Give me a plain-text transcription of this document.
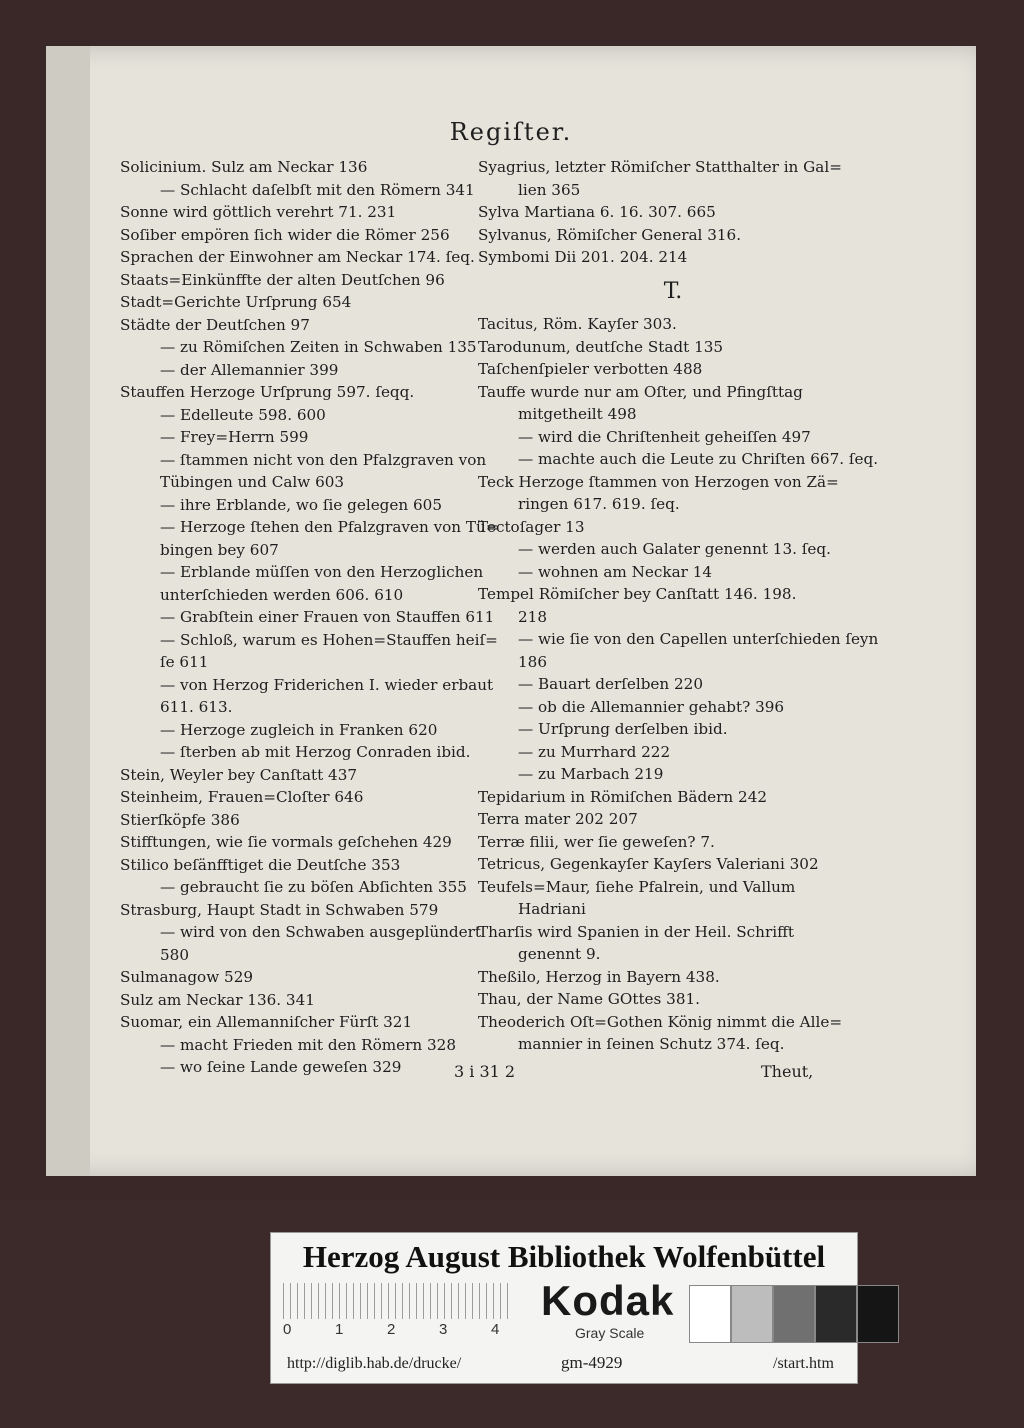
Regiſter.
Solicinium. Sulz am Neckar 136
— Schlacht daſelbſt mit den Römern 341
Sonne wird göttlich verehrt 71. 231
Soſiber empören ſich wider die Römer 256
Sprachen der Einwohner am Neckar 174. ſeq.
Staats=Einkünffte der alten Deutſchen 96
Stadt=Gerichte Urſprung 654
Städte der Deutſchen 97
— zu Römiſchen Zeiten in Schwaben 135
— der Allemannier 399
Stauffen Herzoge Urſprung 597. ſeqq.
— Edelleute 598. 600
— Frey=Herrn 599
— ſtammen nicht von den Pfalzgraven von
Tübingen und Calw 603
— ihre Erblande, wo ſie gelegen 605
— Herzoge ſtehen den Pfalzgraven von Tü=
bingen bey 607
— Erblande müſſen von den Herzoglichen
unterſchieden werden 606. 610
— Grabſtein einer Frauen von Stauffen 611
— Schloß, warum es Hohen=Stauffen heiſ=
ſe 611
— von Herzog Friderichen I. wieder erbaut
611. 613.
— Herzoge zugleich in Franken 620
— ſterben ab mit Herzog Conraden ibid.
Stein, Weyler bey Canſtatt 437
Steinheim, Frauen=Cloſter 646
Stierſköpfe 386
Stifftungen, wie ſie vormals geſchehen 429
Stilico beſänfftiget die Deutſche 353
— gebraucht ſie zu böſen Abſichten 355
Strasburg, Haupt Stadt in Schwaben 579
— wird von den Schwaben ausgeplündert
580
Sulmanagow 529
Sulz am Neckar 136. 341
Suomar, ein Allemanniſcher Fürſt 321
— macht Frieden mit den Römern 328
— wo ſeine Lande geweſen 329
Syagrius, letzter Römiſcher Statthalter in Gal=
lien 365
Sylva Martiana 6. 16. 307. 665
Sylvanus, Römiſcher General 316.
Symbomi Dii 201. 204. 214
T.
Tacitus, Röm. Kayſer 303.
Tarodunum, deutſche Stadt 135
Taſchenſpieler verbotten 488
Tauffe wurde nur am Oſter, und Pfingſttag
mitgetheilt 498
— wird die Chriſtenheit geheiſſen 497
— machte auch die Leute zu Chriſten 667. ſeq.
Teck Herzoge ſtammen von Herzogen von Zä=
ringen 617. 619. ſeq.
Tectoſager 13
— werden auch Galater genennt 13. ſeq.
— wohnen am Neckar 14
Tempel Römiſcher bey Canſtatt 146. 198.
218
— wie ſie von den Capellen unterſchieden ſeyn
186
— Bauart derſelben 220
— ob die Allemannier gehabt? 396
— Urſprung derſelben ibid.
— zu Murrhard 222
— zu Marbach 219
Tepidarium in Römiſchen Bädern 242
Terra mater 202 207
Terræ filii, wer ſie geweſen? 7.
Tetricus, Gegenkayſer Kayſers Valeriani 302
Teufels=Maur, ſiehe Pfalrein, und Vallum
Hadriani
Tharſis wird Spanien in der Heil. Schrifft
genennt 9.
Theßilo, Herzog in Bayern 438.
Thau, der Name GOttes 381.
Theoderich Oſt=Gothen König nimmt die Alle=
mannier in ſeinen Schutz 374. ſeq.
3 i 31 2	Theut,
Herzog August Bibliothek Wolfenbüttel
0	1	2	3	4
Kodak
Gray Scale
http://diglib.hab.de/drucke/	gm-4929	/start.htm
